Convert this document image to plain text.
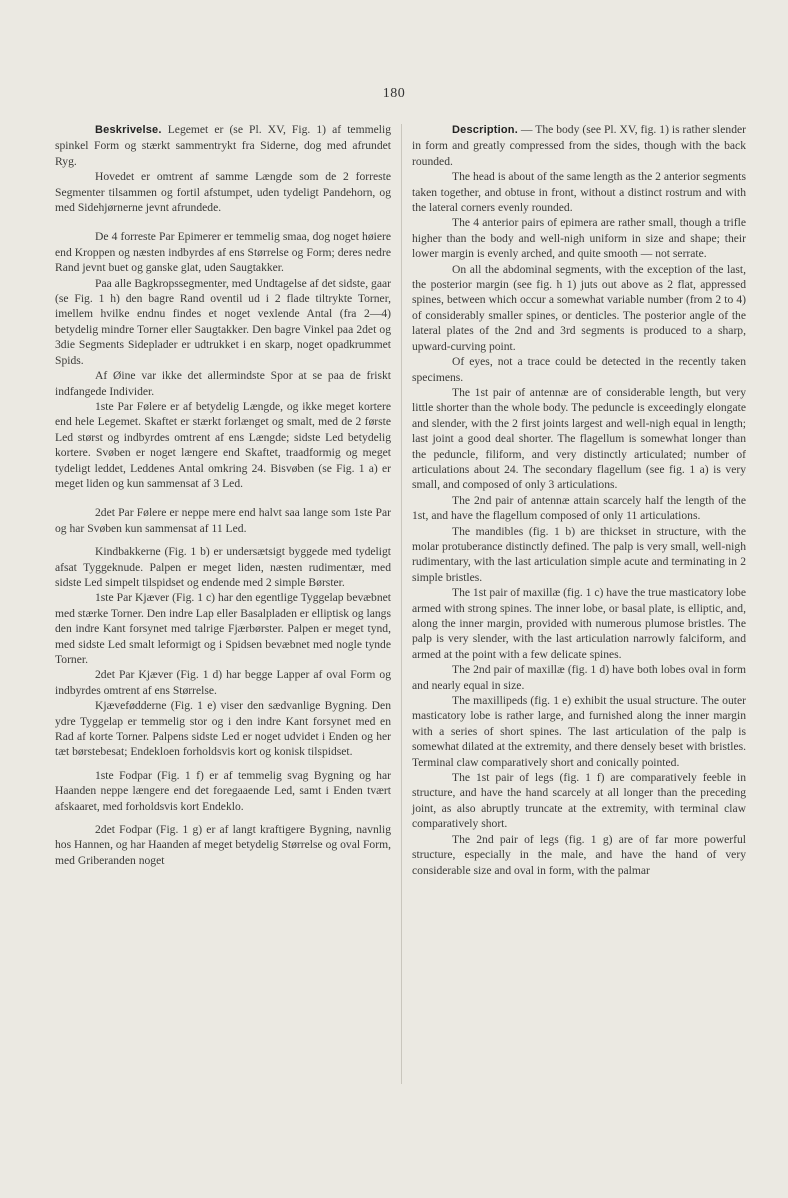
180

Beskrivelse. Legemet er (se Pl. XV, Fig. 1) af temmelig spinkel Form og stærkt sammentrykt fra Siderne, dog med afrundet Ryg.

Hovedet er omtrent af samme Længde som de 2 forreste Segmenter tilsammen og fortil afstumpet, uden tydeligt Pandehorn, og med Sidehjørnerne jevnt afrundede.

De 4 forreste Par Epimerer er temmelig smaa, dog noget høiere end Kroppen og næsten indbyrdes af ens Størrelse og Form; deres nedre Rand jevnt buet og ganske glat, uden Saugtakker.

Paa alle Bagkropssegmenter, med Undtagelse af det sidste, gaar (se Fig. 1 h) den bagre Rand oventil ud i 2 flade tiltrykte Torner, imellem hvilke endnu findes et noget vexlende Antal (fra 2—4) betydelig mindre Torner eller Saugtakker. Den bagre Vinkel paa 2det og 3die Segments Sideplader er udtrukket i en skarp, noget opadkrummet Spids.

Af Øine var ikke det allermindste Spor at se paa de friskt indfangede Individer.

1ste Par Følere er af betydelig Længde, og ikke meget kortere end hele Legemet. Skaftet er stærkt forlænget og smalt, med de 2 første Led størst og indbyrdes omtrent af ens Længde; sidste Led betydelig kortere. Svøben er noget længere end Skaftet, traadformig og meget tydeligt leddet, Leddenes Antal omkring 24. Bisvøben (se Fig. 1 a) er meget liden og kun sammensat af 3 Led.

2det Par Følere er neppe mere end halvt saa lange som 1ste Par og har Svøben kun sammensat af 11 Led.

Kindbakkerne (Fig. 1 b) er undersætsigt byggede med tydeligt afsat Tyggeknude. Palpen er meget liden, næsten rudimentær, med sidste Led simpelt tilspidset og endende med 2 simple Børster.

1ste Par Kjæver (Fig. 1 c) har den egentlige Tyggelap bevæbnet med stærke Torner. Den indre Lap eller Basalpladen er elliptisk og langs den indre Kant forsynet med talrige Fjærbørster. Palpen er meget tynd, med sidste Led smalt leformigt og i Spidsen bevæbnet med nogle tynde Torner.

2det Par Kjæver (Fig. 1 d) har begge Lapper af oval Form og indbyrdes omtrent af ens Størrelse.

Kjævefødderne (Fig. 1 e) viser den sædvanlige Bygning. Den ydre Tyggelap er temmelig stor og i den indre Kant forsynet med en Rad af korte Torner. Palpens sidste Led er noget udvidet i Enden og her tæt børstebesat; Endekloen forholdsvis kort og konisk tilspidset.

1ste Fodpar (Fig. 1 f) er af temmelig svag Bygning og har Haanden neppe længere end det foregaaende Led, samt i Enden tvært afskaaret, med forholdsvis kort Endeklo.

2det Fodpar (Fig. 1 g) er af langt kraftigere Bygning, navnlig hos Hannen, og har Haanden af meget betydelig Størrelse og oval Form, med Griberanden noget

Description. — The body (see Pl. XV, fig. 1) is rather slender in form and greatly compressed from the sides, though with the back rounded.

The head is about of the same length as the 2 anterior segments taken together, and obtuse in front, without a distinct rostrum and with the lateral corners evenly rounded.

The 4 anterior pairs of epimera are rather small, though a trifle higher than the body and well-nigh uniform in size and shape; their lower margin is evenly arched, and quite smooth — not serrate.

On all the abdominal segments, with the exception of the last, the posterior margin (see fig. h 1) juts out above as 2 flat, appressed spines, between which occur a somewhat variable number (from 2 to 4) of considerably smaller spines, or denticles. The posterior angle of the lateral plates of the 2nd and 3rd segments is produced to a sharp, upward-curving point.

Of eyes, not a trace could be detected in the recently taken specimens.

The 1st pair of antennæ are of considerable length, but very little shorter than the whole body. The peduncle is exceedingly elongate and slender, with the 2 first joints largest and well-nigh equal in length; last joint a good deal shorter. The flagellum is somewhat longer than the peduncle, filiform, and very distinctly articulated; number of articulations about 24. The secondary flagellum (see fig. 1 a) is very small, and composed of only 3 articulations.

The 2nd pair of antennæ attain scarcely half the length of the 1st, and have the flagellum composed of only 11 articulations.

The mandibles (fig. 1 b) are thickset in structure, with the molar protuberance distinctly defined. The palp is very small, well-nigh rudimentary, with the last articulation simple acute and terminating in 2 simple bristles.

The 1st pair of maxillæ (fig. 1 c) have the true masticatory lobe armed with strong spines. The inner lobe, or basal plate, is elliptic, and, along the inner margin, provided with numerous plumose bristles. The palp is very slender, with the last articulation narrowly falciform, and armed at the point with a few delicate spines.

The 2nd pair of maxillæ (fig. 1 d) have both lobes oval in form and nearly equal in size.

The maxillipeds (fig. 1 e) exhibit the usual structure. The outer masticatory lobe is rather large, and furnished along the inner margin with a series of short spines. The last articulation of the palp is somewhat dilated at the extremity, and there densely beset with bristles. Terminal claw comparatively short and conically pointed.

The 1st pair of legs (fig. 1 f) are comparatively feeble in structure, and have the hand scarcely at all longer than the preceding joint, as also abruptly truncate at the extremity, with terminal claw comparatively short.

The 2nd pair of legs (fig. 1 g) are of far more powerful structure, especially in the male, and have the hand of very considerable size and oval in form, with the palmar
